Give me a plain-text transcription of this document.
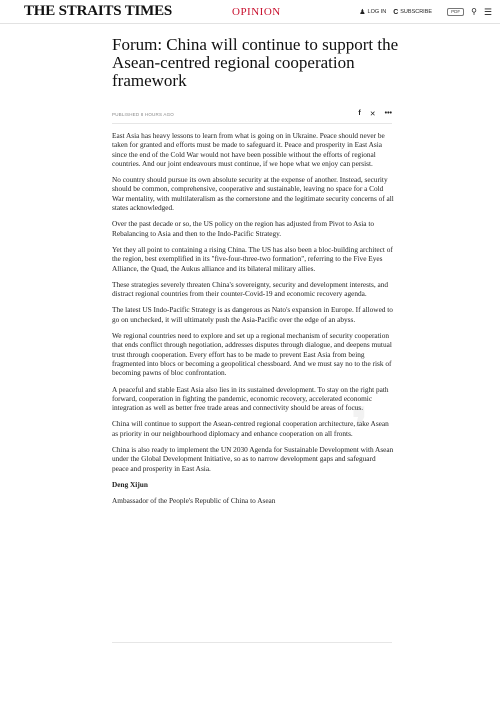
THE STRAITS TIMES	OPINION	♟ LOG IN С SUBSCRIBE	PDF	⚲ ☰
Forum: China will continue to support the Asean-centred regional cooperation framework
PUBLISHED 8 HOURS AGO	f ✕ •••
❜

East Asia has heavy lessons to learn from what is going on in Ukraine. Peace should never be taken for granted and efforts must be made to safeguard it. Peace and prosperity in East Asia since the end of the Cold War would not have been possible without the efforts of regional countries. And our joint endeavours must continue, if we hope what we enjoy can persist.

No country should pursue its own absolute security at the expense of another. Instead, security should be common, comprehensive, cooperative and sustainable, leaving no space for a Cold War mentality, with multilateralism as the cornerstone and the legitimate security concerns of all states acknowledged.

Over the past decade or so, the US policy on the region has adjusted from Pivot to Asia to Rebalancing to Asia and then to the Indo-Pacific Strategy.

Yet they all point to containing a rising China. The US has also been a bloc-building architect of the region, best exemplified in its "five-four-three-two formation", referring to the Five Eyes Alliance, the Quad, the Aukus alliance and its bilateral military allies.

These strategies severely threaten China's sovereignty, security and development interests, and distract regional countries from their counter-Covid-19 and economic recovery agenda.

The latest US Indo-Pacific Strategy is as dangerous as Nato's expansion in Europe. If allowed to go on unchecked, it will ultimately push the Asia-Pacific over the edge of an abyss.

We regional countries need to explore and set up a regional mechanism of security cooperation that ends conflict through negotiation, addresses disputes through dialogue, and deepens mutual trust through cooperation. Every effort has to be made to prevent East Asia from being fragmented into blocs or becoming a geopolitical chessboard. And we must say no to the risk of becoming pawns of bloc confrontation.

A peaceful and stable East Asia also lies in its sustained development. To stay on the right path forward, cooperation in fighting the pandemic, economic recovery, accelerated economic integration as well as better free trade areas and connectivity should be areas of focus.

China will continue to support the Asean-centred regional cooperation architecture, take Asean as priority in our neighbourhood diplomacy and enhance cooperation on all fronts.

China is also ready to implement the UN 2030 Agenda for Sustainable Development with Asean under the Global Development Initiative, so as to narrow development gaps and safeguard peace and prosperity in East Asia.

Deng Xijun

Ambassador of the People's Republic of China to Asean
